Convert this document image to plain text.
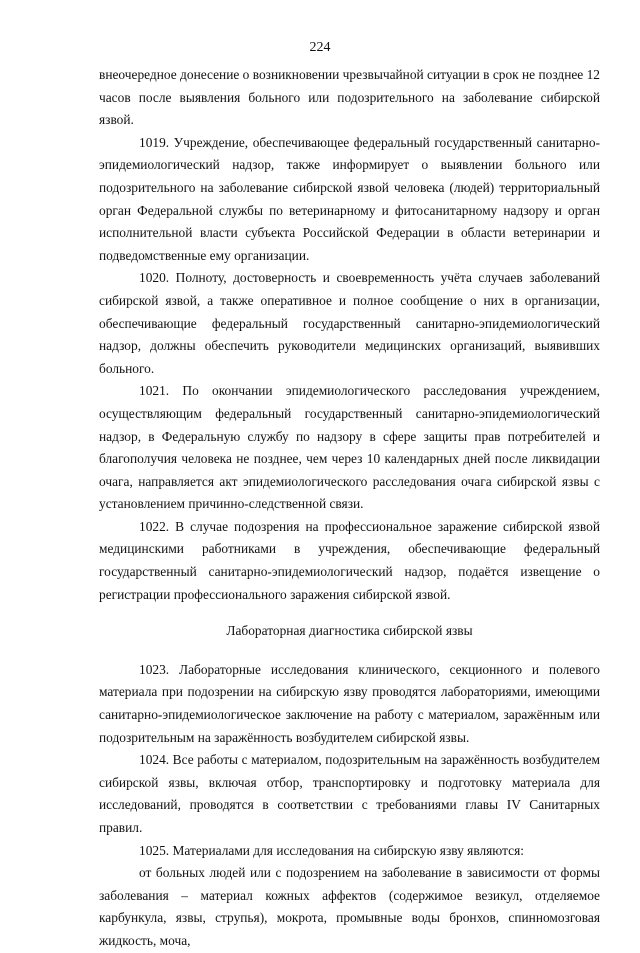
224

внеочередное донесение о возникновении чрезвычайной ситуации в срок не позднее 12 часов после выявления больного или подозрительного на заболевание сибирской язвой.

1019. Учреждение, обеспечивающее федеральный государственный санитарно-эпидемиологический надзор, также информирует о выявлении больного или подозрительного на заболевание сибирской язвой человека (людей) территориальный орган Федеральной службы по ветеринарному и фитосанитарному надзору и орган исполнительной власти субъекта Российской Федерации в области ветеринарии и подведомственные ему организации.

1020. Полноту, достоверность и своевременность учёта случаев заболеваний сибирской язвой, а также оперативное и полное сообщение о них в организации, обеспечивающие федеральный государственный санитарно-эпидемиологический надзор, должны обеспечить руководители медицинских организаций, выявивших больного.

1021. По окончании эпидемиологического расследования учреждением, осуществляющим федеральный государственный санитарно-эпидемиологический надзор, в Федеральную службу по надзору в сфере защиты прав потребителей и благополучия человека не позднее, чем через 10 календарных дней после ликвидации очага, направляется акт эпидемиологического расследования очага сибирской язвы с установлением причинно-следственной связи.

1022. В случае подозрения на профессиональное заражение сибирской язвой медицинскими работниками в учреждения, обеспечивающие федеральный государственный санитарно-эпидемиологический надзор, подаётся извещение о регистрации профессионального заражения сибирской язвой.

Лабораторная диагностика сибирской язвы

1023. Лабораторные исследования клинического, секционного и полевого материала при подозрении на сибирскую язву проводятся лабораториями, имеющими санитарно-эпидемиологическое заключение на работу с материалом, заражённым или подозрительным на заражённость возбудителем сибирской язвы.

1024. Все работы с материалом, подозрительным на заражённость возбудителем сибирской язвы, включая отбор, транспортировку и подготовку материала для исследований, проводятся в соответствии с требованиями главы IV Санитарных правил.

1025. Материалами для исследования на сибирскую язву являются:

от больных людей или с подозрением на заболевание в зависимости от формы заболевания – материал кожных аффектов (содержимое везикул, отделяемое карбункула, язвы, струпья), мокрота, промывные воды бронхов, спинномозговая жидкость, моча,
